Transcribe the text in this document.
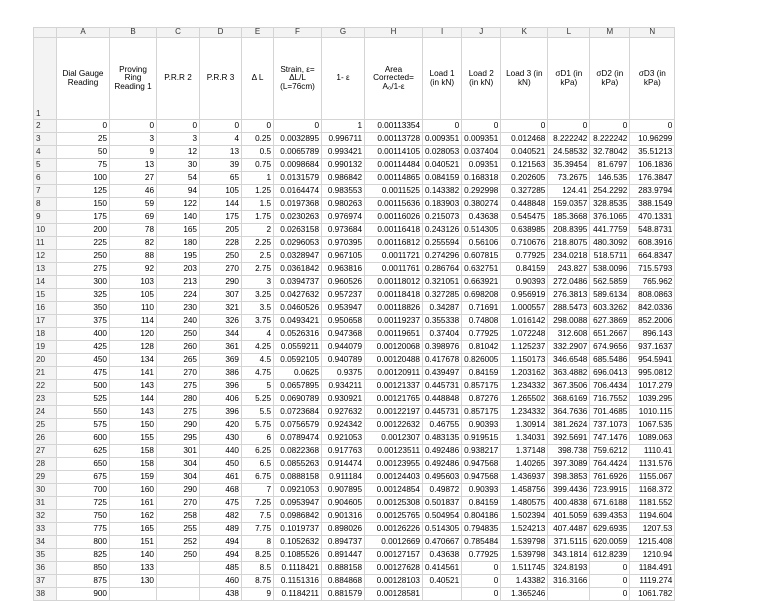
	A	B	C	D	E	F	G	H	I	J	K	L	M	N
1	Dial Gauge Reading	Proving Ring Reading 1	P.R.R 2	P.R.R 3	Δ L	Strain, ε= ΔL/L (L=76cm)	1- ε	Area Corrected= A₀/1-ε	Load 1 (in kN)	Load 2 (in kN)	Load 3 (in kN)	σD1 (in kPa)	σD2 (in kPa)	σD3 (in kPa)
2	0	0	0	0	0	0	1	0.00113354	0	0	0	0	0	0
3	25	3	3	4	0.25	0.0032895	0.996711	0.00113728	0.009351	0.009351	0.012468	8.222242	8.222242	10.96299
4	50	9	12	13	0.5	0.0065789	0.993421	0.00114105	0.028053	0.037404	0.040521	24.58532	32.78042	35.51213
5	75	13	30	39	0.75	0.0098684	0.990132	0.00114484	0.040521	0.09351	0.121563	35.39454	81.6797	106.1836
6	100	27	54	65	1	0.0131579	0.986842	0.00114865	0.084159	0.168318	0.202605	73.2675	146.535	176.3847
7	125	46	94	105	1.25	0.0164474	0.983553	0.0011525	0.143382	0.292998	0.327285	124.41	254.2292	283.9794
8	150	59	122	144	1.5	0.0197368	0.980263	0.00115636	0.183903	0.380274	0.448848	159.0357	328.8535	388.1549
9	175	69	140	175	1.75	0.0230263	0.976974	0.00116026	0.215073	0.43638	0.545475	185.3668	376.1065	470.1331
10	200	78	165	205	2	0.0263158	0.973684	0.00116418	0.243126	0.514305	0.638985	208.8395	441.7759	548.8731
11	225	82	180	228	2.25	0.0296053	0.970395	0.00116812	0.255594	0.56106	0.710676	218.8075	480.3092	608.3916
12	250	88	195	250	2.5	0.0328947	0.967105	0.0011721	0.274296	0.607815	0.77925	234.0218	518.5711	664.8347
13	275	92	203	270	2.75	0.0361842	0.963816	0.0011761	0.286764	0.632751	0.84159	243.827	538.0096	715.5793
14	300	103	213	290	3	0.0394737	0.960526	0.00118012	0.321051	0.663921	0.90393	272.0486	562.5859	765.962
15	325	105	224	307	3.25	0.0427632	0.957237	0.00118418	0.327285	0.698208	0.956919	276.3813	589.6134	808.0863
16	350	110	230	321	3.5	0.0460526	0.953947	0.00118826	0.34287	0.71691	1.000557	288.5473	603.3262	842.0336
17	375	114	240	326	3.75	0.0493421	0.950658	0.00119237	0.355338	0.74808	1.016142	298.0088	627.3869	852.2006
18	400	120	250	344	4	0.0526316	0.947368	0.00119651	0.37404	0.77925	1.072248	312.608	651.2667	896.143
19	425	128	260	361	4.25	0.0559211	0.944079	0.00120068	0.398976	0.81042	1.125237	332.2907	674.9656	937.1637
20	450	134	265	369	4.5	0.0592105	0.940789	0.00120488	0.417678	0.826005	1.150173	346.6548	685.5486	954.5941
21	475	141	270	386	4.75	0.0625	0.9375	0.00120911	0.439497	0.84159	1.203162	363.4882	696.0413	995.0812
22	500	143	275	396	5	0.0657895	0.934211	0.00121337	0.445731	0.857175	1.234332	367.3506	706.4434	1017.279
23	525	144	280	406	5.25	0.0690789	0.930921	0.00121765	0.448848	0.87276	1.265502	368.6169	716.7552	1039.295
24	550	143	275	396	5.5	0.0723684	0.927632	0.00122197	0.445731	0.857175	1.234332	364.7636	701.4685	1010.115
25	575	150	290	420	5.75	0.0756579	0.924342	0.00122632	0.46755	0.90393	1.30914	381.2624	737.1073	1067.535
26	600	155	295	430	6	0.0789474	0.921053	0.0012307	0.483135	0.919515	1.34031	392.5691	747.1476	1089.063
27	625	158	301	440	6.25	0.0822368	0.917763	0.00123511	0.492486	0.938217	1.37148	398.738	759.6212	1110.41
28	650	158	304	450	6.5	0.0855263	0.914474	0.00123955	0.492486	0.947568	1.40265	397.3089	764.4424	1131.576
29	675	159	304	461	6.75	0.0888158	0.911184	0.00124403	0.495603	0.947568	1.436937	398.3853	761.6926	1155.067
30	700	160	290	468	7	0.0921053	0.907895	0.00124854	0.49872	0.90393	1.458756	399.4436	723.9915	1168.372
31	725	161	270	475	7.25	0.0953947	0.904605	0.00125308	0.501837	0.84159	1.480575	400.4838	671.6188	1181.552
32	750	162	258	482	7.5	0.0986842	0.901316	0.00125765	0.504954	0.804186	1.502394	401.5059	639.4353	1194.604
33	775	165	255	489	7.75	0.1019737	0.898026	0.00126226	0.514305	0.794835	1.524213	407.4487	629.6935	1207.53
34	800	151	252	494	8	0.1052632	0.894737	0.0012669	0.470667	0.785484	1.539798	371.5115	620.0059	1215.408
35	825	140	250	494	8.25	0.1085526	0.891447	0.00127157	0.43638	0.77925	1.539798	343.1814	612.8239	1210.94
36	850	133		485	8.5	0.1118421	0.888158	0.00127628	0.414561	0	1.511745	324.8193	0	1184.491
37	875	130		460	8.75	0.1151316	0.884868	0.00128103	0.40521	0	1.43382	316.3166	0	1119.274
38	900			438	9	0.1184211	0.881579	0.00128581		0	1.365246		0	1061.782
